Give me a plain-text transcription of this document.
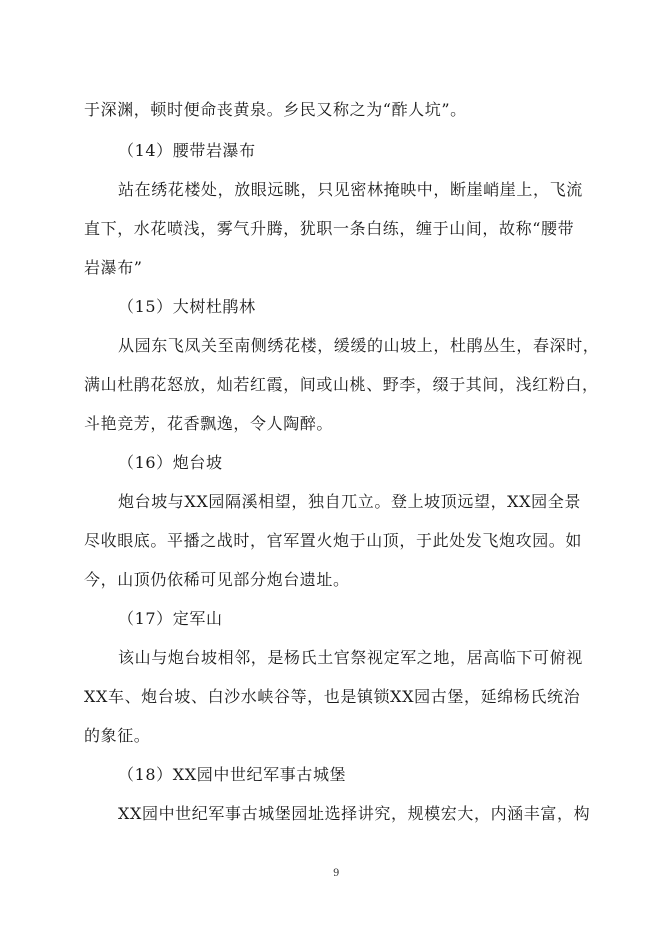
于深渊，顿时便命丧黄泉。乡民又称之为“酢人坑”。
（14）腰带岩瀑布
站在绣花楼处，放眼远眺，只见密林掩映中，断崖峭崖上，飞流
直下，水花喷浅，雾气升腾，犹职一条白练，缠于山间，故称“腰带
岩瀑布”
（15）大树杜鹃林
从园东飞凤关至南侧绣花楼，缓缓的山坡上，杜鹃丛生，春深时，
满山杜鹃花怒放，灿若红霞，间或山桃、野李，缀于其间，浅红粉白，
斗艳竞芳，花香飘逸，令人陶醉。
（16）炮台坡
炮台坡与XX园隔溪相望，独自兀立。登上坡顶远望，XX园全景
尽收眼底。平播之战时，官军置火炮于山顶，于此处发飞炮攻园。如
今，山顶仍依稀可见部分炮台遗址。
（17）定军山
该山与炮台坡相邻，是杨氏土官祭视定军之地，居高临下可俯视
XX车、炮台坡、白沙水峡谷等，也是镇锁XX园古堡，延绵杨氏统治
的象征。
（18）XX园中世纪军事古城堡
XX园中世纪军事古城堡园址选择讲究，规模宏大，内涵丰富，构
9
